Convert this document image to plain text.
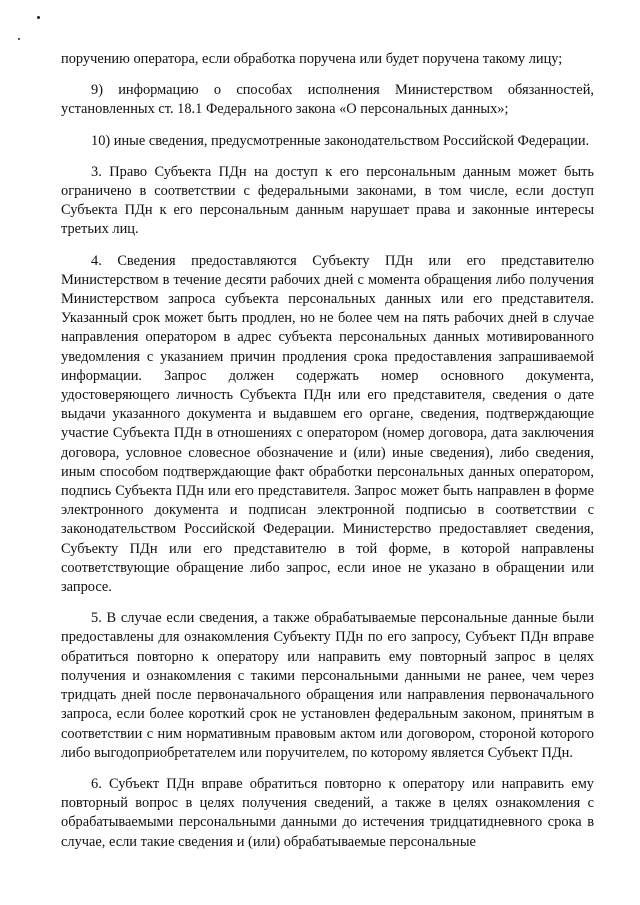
поручению оператора, если обработка поручена или будет поручена такому лицу;

9) информацию о способах исполнения Министерством обязанностей, установленных ст. 18.1 Федерального закона «О персональных данных»;

10) иные сведения, предусмотренные законодательством Российской Федерации.

3. Право Субъекта ПДн на доступ к его персональным данным может быть ограничено в соответствии с федеральными законами, в том числе, если доступ Субъекта ПДн к его персональным данным нарушает права и законные интересы третьих лиц.

4. Сведения предоставляются Субъекту ПДн или его представителю Министерством в течение десяти рабочих дней с момента обращения либо получения Министерством запроса субъекта персональных данных или его представителя. Указанный срок может быть продлен, но не более чем на пять рабочих дней в случае направления оператором в адрес субъекта персональных данных мотивированного уведомления с указанием причин продления срока предоставления запрашиваемой информации. Запрос должен содержать номер основного документа, удостоверяющего личность Субъекта ПДн или его представителя, сведения о дате выдачи указанного документа и выдавшем его органе, сведения, подтверждающие участие Субъекта ПДн в отношениях с оператором (номер договора, дата заключения договора, условное словесное обозначение и (или) иные сведения), либо сведения, иным способом подтверждающие факт обработки персональных данных оператором, подпись Субъекта ПДн или его представителя. Запрос может быть направлен в форме электронного документа и подписан электронной подписью в соответствии с законодательством Российской Федерации. Министерство предоставляет сведения, Субъекту ПДн или его представителю в той форме, в которой направлены соответствующие обращение либо запрос, если иное не указано в обращении или запросе.

5. В случае если сведения, а также обрабатываемые персональные данные были предоставлены для ознакомления Субъекту ПДн по его запросу, Субъект ПДн вправе обратиться повторно к оператору или направить ему повторный запрос в целях получения и ознакомления с такими персональными данными не ранее, чем через тридцать дней после первоначального обращения или направления первоначального запроса, если более короткий срок не установлен федеральным законом, принятым в соответствии с ним нормативным правовым актом или договором, стороной которого либо выгодоприобретателем или поручителем, по которому является Субъект ПДн.

6. Субъект ПДн вправе обратиться повторно к оператору или направить ему повторный вопрос в целях получения сведений, а также в целях ознакомления с обрабатываемыми персональными данными до истечения тридцатидневного срока в случае, если такие сведения и (или) обрабатываемые персональные
